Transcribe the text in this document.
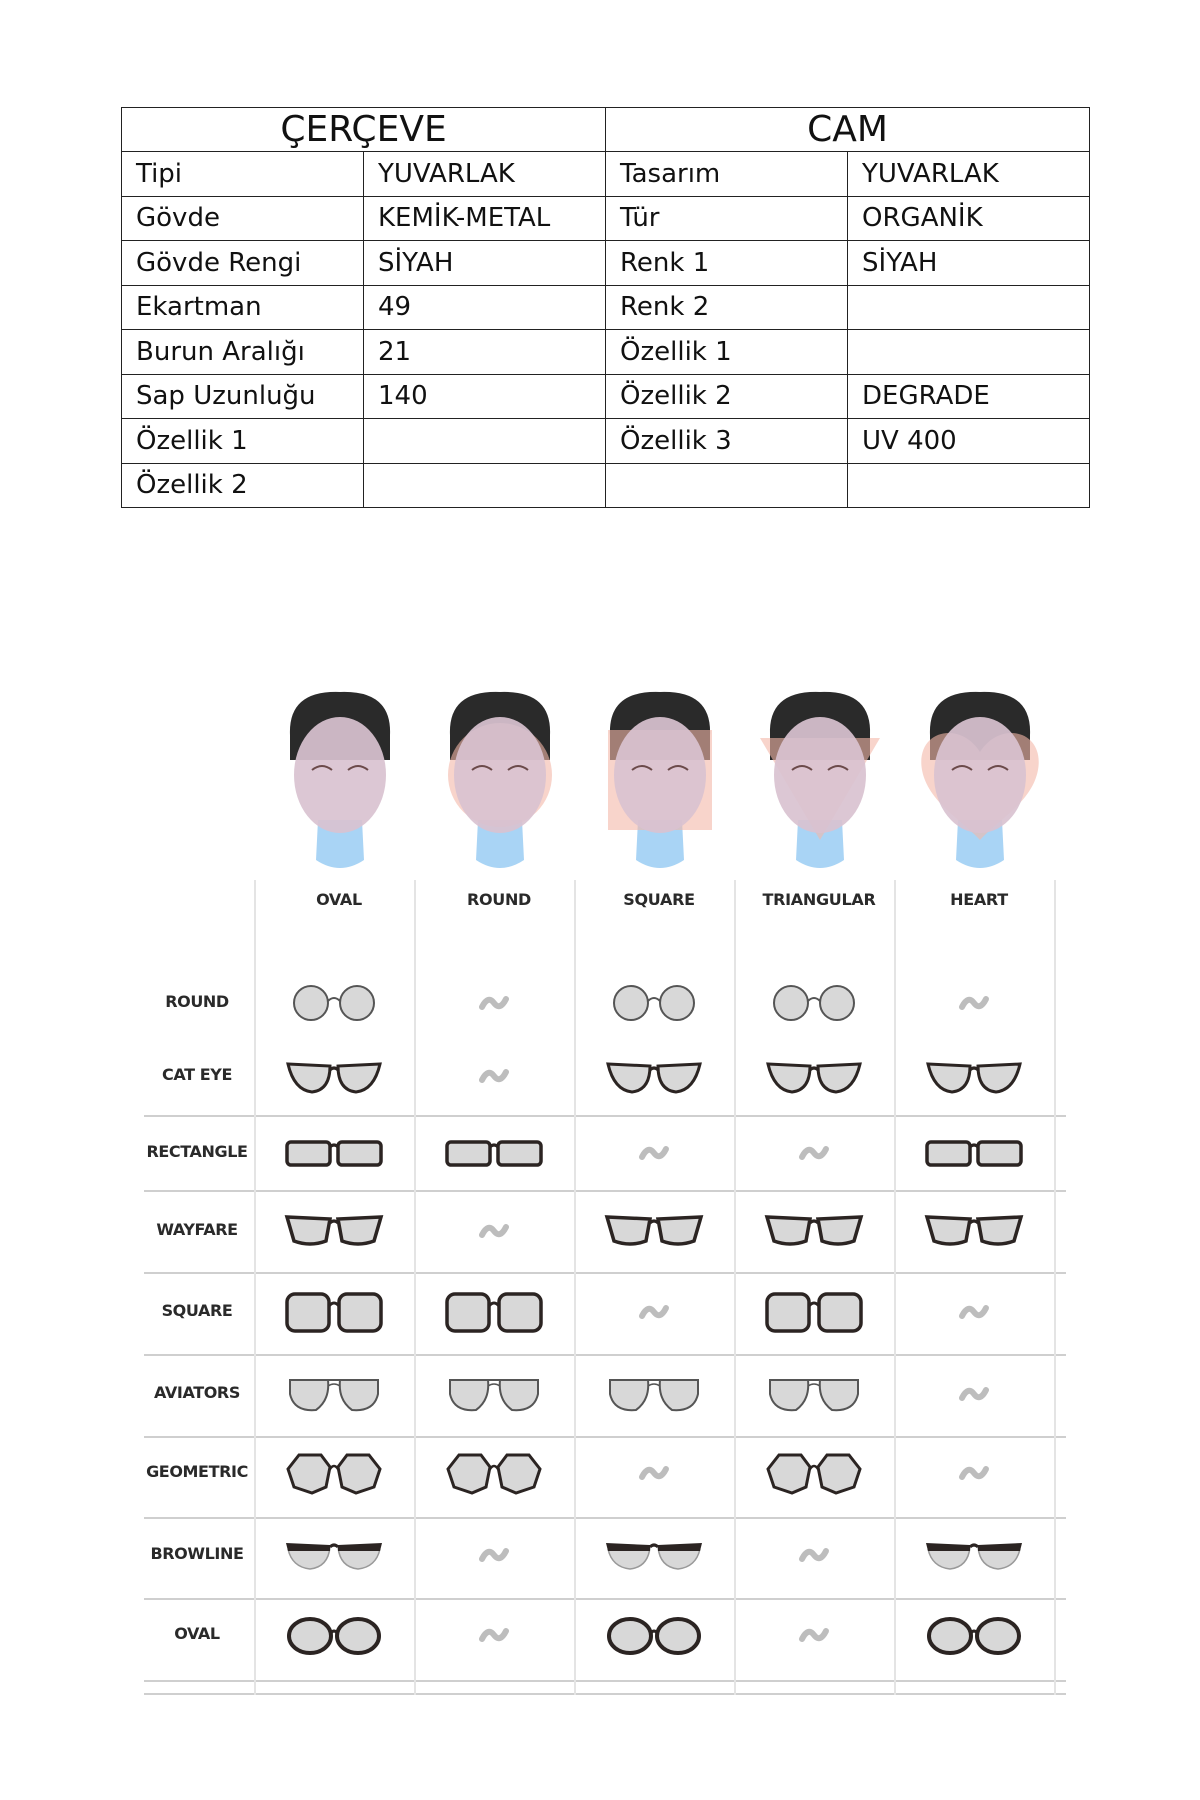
ÇERÇEVE		CAM	
Tipi	YUVARLAK	Tasarım	YUVARLAK
Gövde	KEMİK-METAL	Tür	ORGANİK
Gövde Rengi	SİYAH	Renk 1	SİYAH
Ekartman	49	Renk 2	
Burun Aralığı	21	Özellik 1	
Sap Uzunluğu	140	Özellik 2	DEGRADE
Özellik 1		Özellik 3	UV 400
Özellik 2			
OVAL	ROUND	SQUARE	TRIANGULAR	HEART
ROUND
CAT EYE
RECTANGLE
WAYFARE
SQUARE
AVIATORS
GEOMETRIC
BROWLINE
OVAL
